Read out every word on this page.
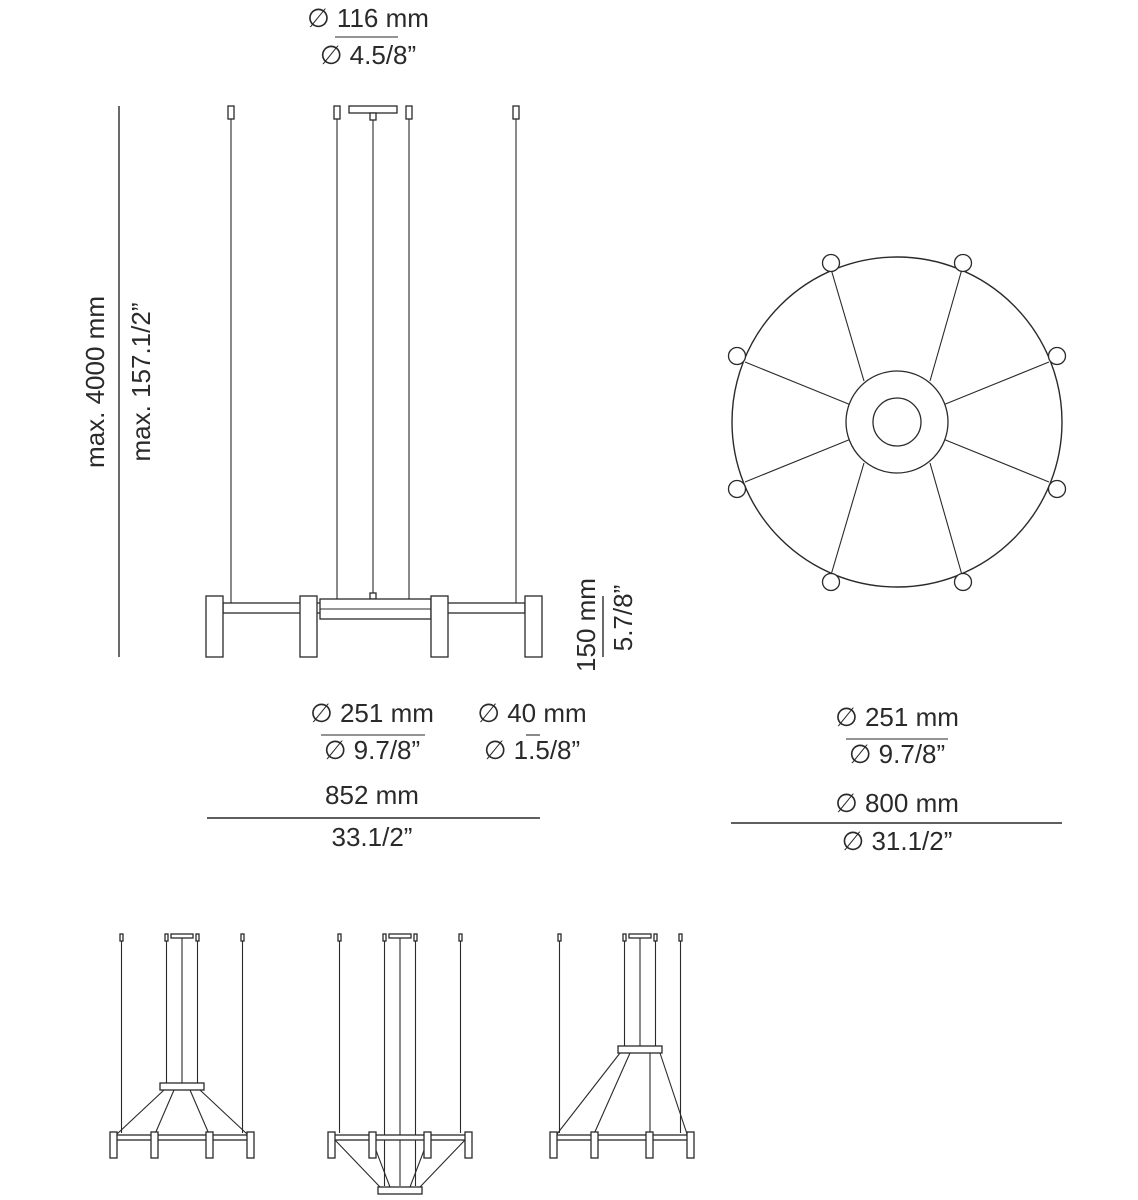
∅ 116 mm
∅ 4.5/8”
max. 4000 mm max. 157.1/2”
150 mm 5.7/8”
∅ 251 mm
∅ 9.7/8”
∅ 40 mm
∅ 1.5/8”
852 mm
33.1/2”
∅ 251 mm
∅ 9.7/8”
∅ 800 mm
∅ 31.1/2”
